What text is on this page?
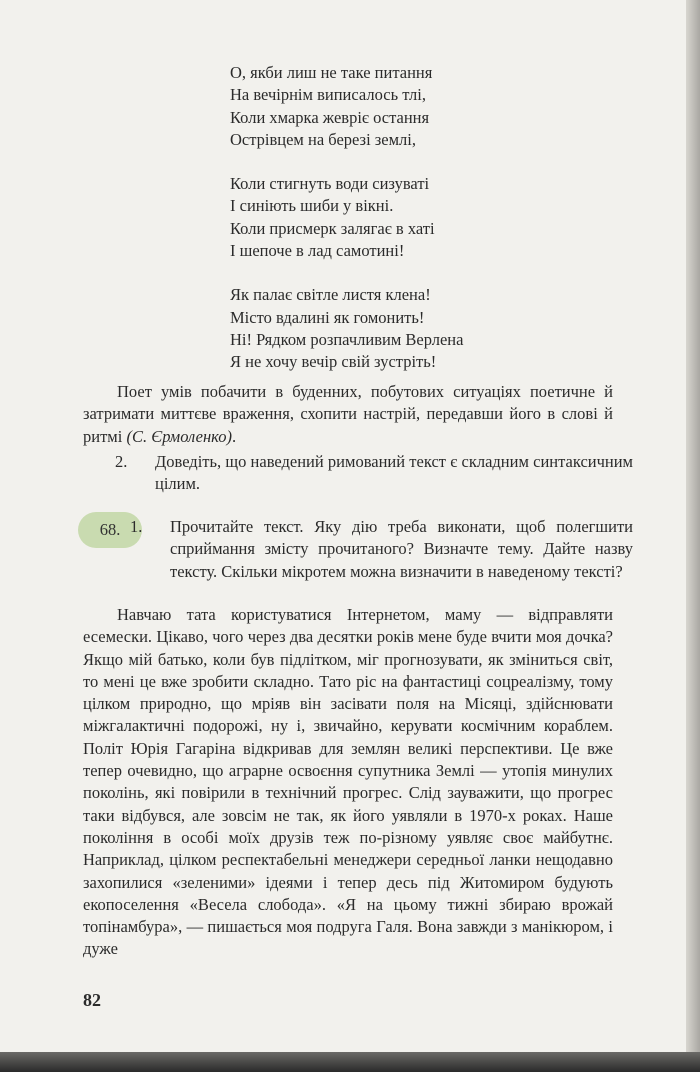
О, якби лиш не таке питання
На вечірнім виписалось тлі,
Коли хмарка жевріє остання
Острівцем на березі землі,
Коли стигнуть води сизуваті
І синіють шиби у вікні.
Коли присмерк залягає в хаті
І шепоче в лад самотині!
Як палає світле листя клена!
Місто вдалині як гомонить!
Ні! Рядком розпачливим Верлена
Я не хочу вечір свій зустріть!
Поет умів побачити в буденних, побутових ситуаціях поетичне й затримати миттєве враження, схопити настрій, передавши його в слові й ритмі (С. Єрмоленко).
2. Доведіть, що наведений римований текст є складним синтаксичним цілим.
68. 1. Прочитайте текст. Яку дію треба виконати, щоб полегшити сприймання змісту прочитаного? Визначте тему. Дайте назву тексту. Скільки мікротем можна визначити в наведеному тексті?
Навчаю тата користуватися Інтернетом, маму — відправляти есемески. Цікаво, чого через два десятки років мене буде вчити моя дочка? Якщо мій батько, коли був підлітком, міг прогнозувати, як зміниться світ, то мені це вже зробити складно. Тато ріс на фантастиці соцреалізму, тому цілком природно, що мріяв він засівати поля на Місяці, здійснювати міжгалактичні подорожі, ну і, звичайно, керувати космічним кораблем. Політ Юрія Гагаріна відкривав для землян великі перспективи. Це вже тепер очевидно, що аграрне освоєння супутника Землі — утопія минулих поколінь, які повірили в технічний прогрес. Слід зауважити, що прогрес таки відбувся, але зовсім не так, як його уявляли в 1970-х роках. Наше покоління в особі моїх друзів теж по-різному уявляє своє майбутнє. Наприклад, цілком респектабельні менеджери середньої ланки нещодавно захопилися «зеленими» ідеями і тепер десь під Житомиром будують екопоселення «Весела слобода». «Я на цьому тижні збираю врожай топінамбура», — пишається моя подруга Галя. Вона завжди з манікюром, і дуже
82
